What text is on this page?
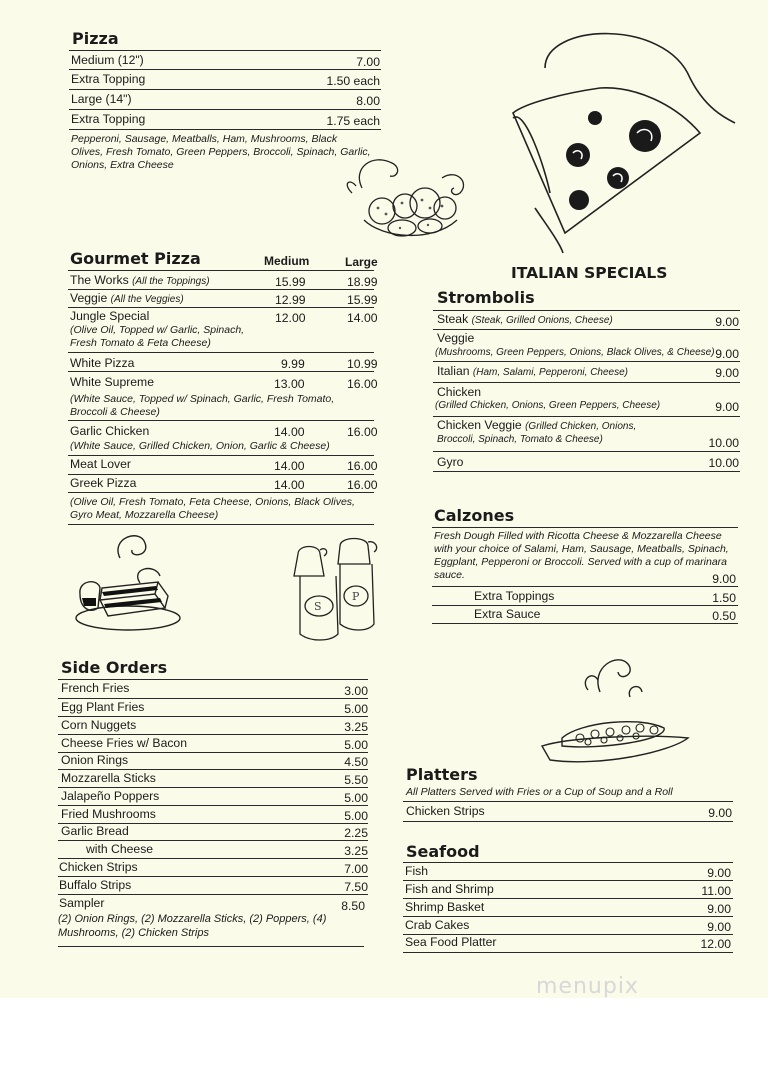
Pizza
Medium (12")	7.00
Extra Topping	1.50 each
Large (14")	8.00
Extra Topping	1.75 each
Pepperoni, Sausage, Meatballs, Ham, Mushrooms, Black Olives, Fresh Tomato, Green Peppers, Broccoli, Spinach, Garlic, Onions, Extra Cheese
Gourmet Pizza	Medium	Large
The Works (All the Toppings)	15.99	18.99
Veggie (All the Veggies)	12.99	15.99
Jungle Special	12.00	14.00
(Olive Oil, Topped w/ Garlic, Spinach, Fresh Tomato & Feta Cheese)
White Pizza	9.99	10.99
White Supreme	13.00	16.00
(White Sauce, Topped w/ Spinach, Garlic, Fresh Tomato, Broccoli & Cheese)
Garlic Chicken	14.00	16.00
(White Sauce, Grilled Chicken, Onion, Garlic & Cheese)
Meat Lover	14.00	16.00
Greek Pizza	14.00	16.00
(Olive Oil, Fresh Tomato, Feta Cheese, Onions, Black Olives, Gyro Meat, Mozzarella Cheese)
S
P
ITALIAN SPECIALS
Strombolis
Steak (Steak, Grilled Onions, Cheese)	9.00
Veggie
(Mushrooms, Green Peppers, Onions, Black Olives, & Cheese) 9.00
Italian (Ham, Salami, Pepperoni, Cheese)	9.00
Chicken
(Grilled Chicken, Onions, Green Peppers, Cheese)	9.00
Chicken Veggie (Grilled Chicken, Onions,
Broccoli, Spinach, Tomato & Cheese)	10.00
Gyro	10.00
Calzones
Fresh Dough Filled with Ricotta Cheese & Mozzarella Cheese with your choice of Salami, Ham, Sausage, Meatballs, Spinach, Eggplant, Pepperoni or Broccoli. Served with a cup of marinara sauce.	9.00
Extra Toppings	1.50
Extra Sauce	0.50
Side Orders
French Fries	3.00
Egg Plant Fries	5.00
Corn Nuggets	3.25
Cheese Fries w/ Bacon	5.00
Onion Rings	4.50
Mozzarella Sticks	5.50
Jalapeño Poppers	5.00
Fried Mushrooms	5.00
Garlic Bread	2.25
with Cheese	3.25
Chicken Strips	7.00
Buffalo Strips	7.50
Sampler	8.50
(2) Onion Rings, (2) Mozzarella Sticks, (2) Poppers, (4) Mushrooms, (2) Chicken Strips
Platters
All Platters Served with Fries or a Cup of Soup and a Roll
Chicken Strips	9.00
Seafood
Fish	9.00
Fish and Shrimp	11.00
Shrimp Basket	9.00
Crab Cakes	9.00
Sea Food Platter	12.00
menupix
